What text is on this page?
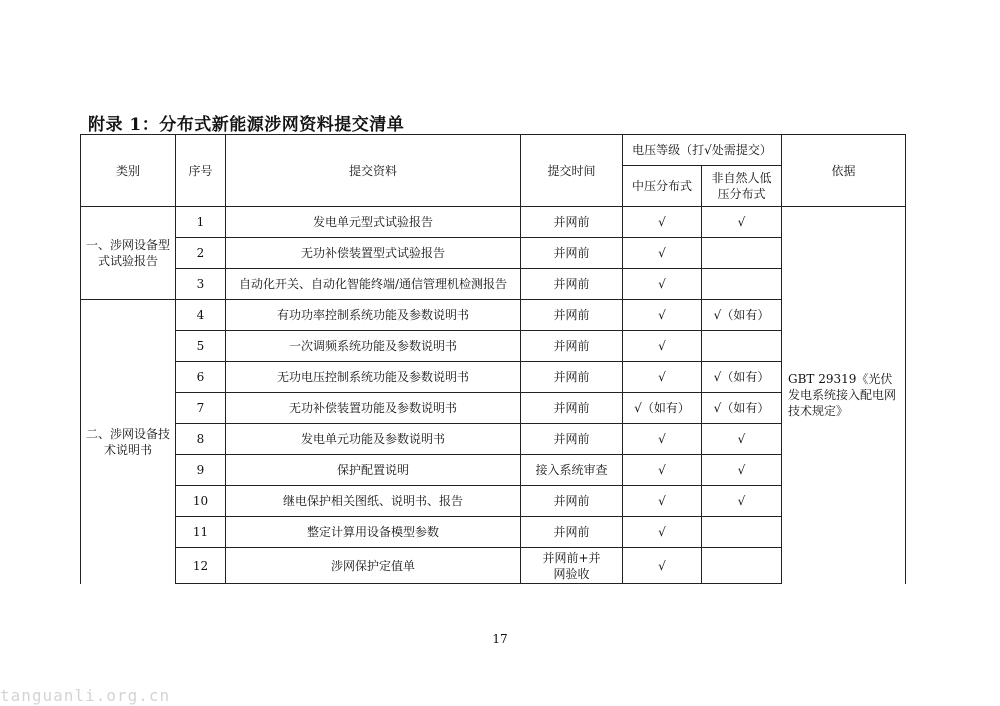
附录 1：分布式新能源涉网资料提交清单
类别	序号	提交资料	提交时间	电压等级（打√处需提交）		依据
				中压分布式	非自然人低压分布式	
一、涉网设备型式试验报告	1	发电单元型式试验报告	并网前	√	√	GBT 29319《光伏发电系统接入配电网技术规定》
	2	无功补偿装置型式试验报告	并网前	√		
	3	自动化开关、自动化智能终端/通信管理机检测报告	并网前	√		
二、涉网设备技术说明书	4	有功功率控制系统功能及参数说明书	并网前	√	√（如有）	
	5	一次调频系统功能及参数说明书	并网前	√		
	6	无功电压控制系统功能及参数说明书	并网前	√	√（如有）	
	7	无功补偿装置功能及参数说明书	并网前	√（如有）	√（如有）	
	8	发电单元功能及参数说明书	并网前	√	√	
	9	保护配置说明	接入系统审查	√	√	
	10	继电保护相关图纸、说明书、报告	并网前	√	√	
	11	整定计算用设备模型参数	并网前	√		
	12	涉网保护定值单	并网前+并网验收	√		
17
tanguanli.org.cn
